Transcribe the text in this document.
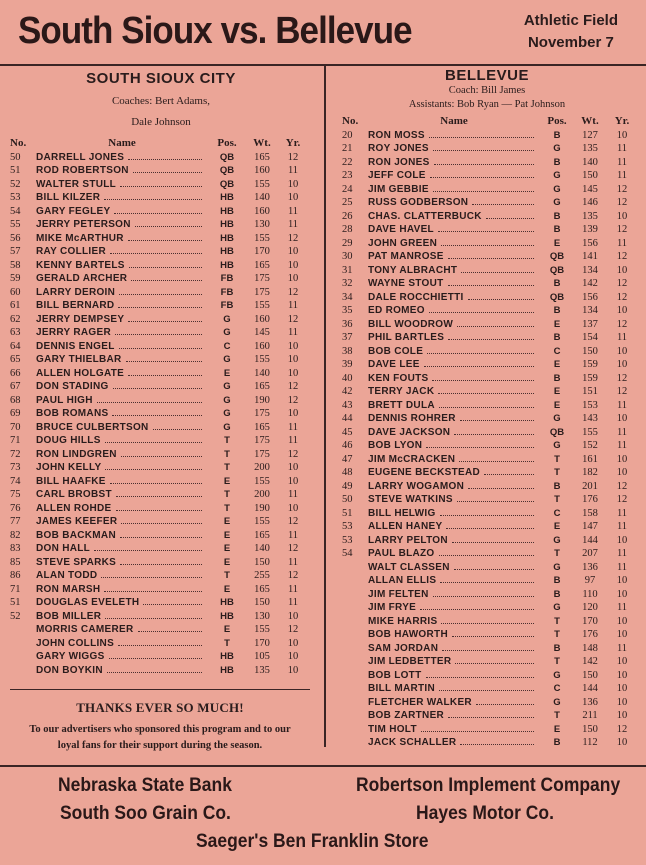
South Sioux vs. Bellevue	Athletic Field
November 7
SOUTH SIOUX CITY
Coaches: Bert Adams,
Dale Johnson
No.	Name	Pos.	Wt.	Yr.
50	DARRELL JONES	QB	165	12
51	ROD ROBERTSON	QB	160	11
52	WALTER STULL	QB	155	10
53	BILL KILZER	HB	140	10
54	GARY FEGLEY	HB	160	11
55	JERRY PETERSON	HB	130	11
56	MIKE McARTHUR	HB	155	12
57	RAY COLLIER	HB	170	10
58	KENNY BARTELS	HB	165	10
59	GERALD ARCHER	FB	175	10
60	LARRY DEROIN	FB	175	12
61	BILL BERNARD	FB	155	11
62	JERRY DEMPSEY	G	160	12
63	JERRY RAGER	G	145	11
64	DENNIS ENGEL	C	160	10
65	GARY THIELBAR	G	155	10
66	ALLEN HOLGATE	E	140	10
67	DON STADING	G	165	12
68	PAUL HIGH	G	190	12
69	BOB ROMANS	G	175	10
70	BRUCE CULBERTSON	G	165	11
71	DOUG HILLS	T	175	11
72	RON LINDGREN	T	175	12
73	JOHN KELLY	T	200	10
74	BILL HAAFKE	E	155	10
75	CARL BROBST	T	200	11
76	ALLEN ROHDE	T	190	10
77	JAMES KEEFER	E	155	12
82	BOB BACKMAN	E	165	11
83	DON HALL	E	140	12
85	STEVE SPARKS	E	150	11
86	ALAN TODD	T	255	12
71	RON MARSH	E	165	11
51	DOUGLAS EVELETH	HB	150	11
52	BOB MILLER	HB	130	10
	MORRIS CAMERER	E	155	12
	JOHN COLLINS	T	170	10
	GARY WIGGS	HB	105	10
	DON BOYKIN	HB	135	10
BELLEVUE
Coach: Bill James
Assistants: Bob Ryan — Pat Johnson
No.	Name	Pos.	Wt.	Yr.
20	RON MOSS	B	127	10
21	ROY JONES	G	135	11
22	RON JONES	B	140	11
23	JEFF COLE	G	150	11
24	JIM GEBBIE	G	145	12
25	RUSS GODBERSON	G	146	12
26	CHAS. CLATTERBUCK	B	135	10
28	DAVE HAVEL	B	139	12
29	JOHN GREEN	E	156	11
30	PAT MANROSE	QB	141	12
31	TONY ALBRACHT	QB	134	10
32	WAYNE STOUT	B	142	12
34	DALE ROCCHIETTI	QB	156	12
35	ED ROMEO	B	134	10
36	BILL WOODROW	E	137	12
37	PHIL BARTLES	B	154	11
38	BOB COLE	C	150	10
39	DAVE LEE	E	159	10
40	KEN FOUTS	B	159	12
42	TERRY JACK	E	151	12
43	BRETT DULA	E	153	11
44	DENNIS ROHRER	G	143	10
45	DAVE JACKSON	QB	155	11
46	BOB LYON	G	152	11
47	JIM McCRACKEN	T	161	10
48	EUGENE BECKSTEAD	T	182	10
49	LARRY WOGAMON	B	201	12
50	STEVE WATKINS	T	176	12
51	BILL HELWIG	C	158	11
53	ALLEN HANEY	E	147	11
53	LARRY PELTON	G	144	10
54	PAUL BLAZO	T	207	11
	WALT CLASSEN	G	136	11
	ALLAN ELLIS	B	97	10
	JIM FELTEN	B	110	10
	JIM FRYE	G	120	11
	MIKE HARRIS	T	170	10
	BOB HAWORTH	T	176	10
	SAM JORDAN	B	148	11
	JIM LEDBETTER	T	142	10
	BOB LOTT	G	150	10
	BILL MARTIN	C	144	10
	FLETCHER WALKER	G	136	10
	BOB ZARTNER	T	211	10
	TIM HOLT	E	150	12
	JACK SCHALLER	B	112	10
THANKS EVER SO MUCH!
To our advertisers who sponsored this program and to our
loyal fans for their support during the season.
Nebraska State Bank	Robertson Implement Company
South Soo Grain Co.	Hayes Motor Co.
Saeger's Ben Franklin Store
